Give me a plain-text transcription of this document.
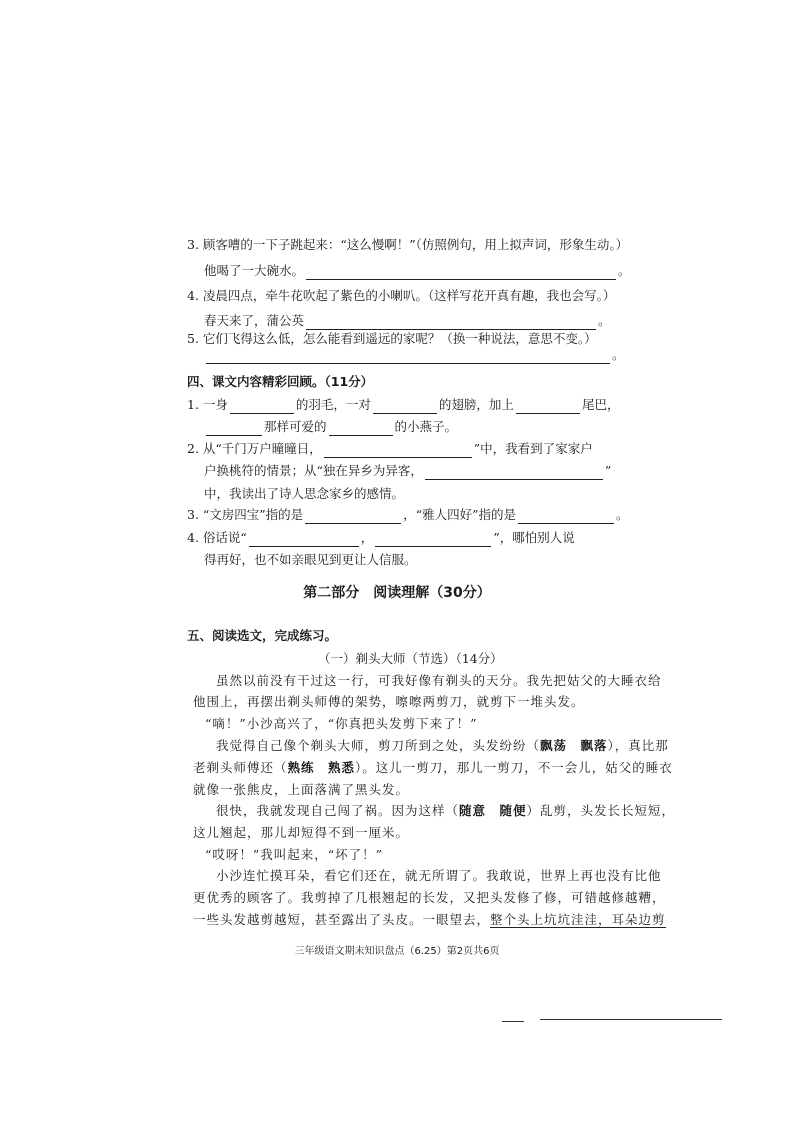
3. 顾客嘈的一下子跳起来：“这么慢啊！”（仿照例句，用上拟声词，形象生动。）
他喝了一大碗水。	。
4. 凌晨四点，牵牛花吹起了紫色的小喇叭。（这样写花开真有趣，我也会写。）
春天来了，蒲公英	。
5. 它们飞得这么低，怎么能看到遥远的家呢？（换一种说法，意思不变。）
。
四、课文内容精彩回顾。（11分）
1. 一身	的羽毛，一对	的翅膀，加上	尾巴，
那样可爱的	的小燕子。
2. 从“千门万户曈曈日，	”中，我看到了家家户
户换桃符的情景；从“独在异乡为异客，	”
中，我读出了诗人思念家乡的感情。
3. “文房四宝”指的是	，“雅人四好”指的是	。
4. 俗话说“	，	”，哪怕别人说
得再好，也不如亲眼见到更让人信服。
第二部分　阅读理解（30分）
五、阅读选文，完成练习。
（一）剃头大师（节选）（14分）
虽然以前没有干过这一行，可我好像有剃头的天分。我先把姑父的大睡衣给
他围上，再摆出剃头师傅的架势，嚓嚓两剪刀，就剪下一堆头发。
“嘀！”小沙高兴了，“你真把头发剪下来了！”
我觉得自己像个剃头大师，剪刀所到之处，头发纷纷（飘荡　飘落），真比那
老剃头师傅还（熟练　熟悉）。这儿一剪刀，那儿一剪刀，不一会儿，姑父的睡衣
就像一张熊皮，上面落满了黑头发。
很快，我就发现自己闯了祸。因为这样（随意　随便）乱剪，头发长长短短，
这儿翘起，那儿却短得不到一厘米。
“哎呀！”我叫起来，“坏了！”
小沙连忙摸耳朵，看它们还在，就无所谓了。我敢说，世界上再也没有比他
更优秀的顾客了。我剪掉了几根翘起的长发，又把头发修了修，可错越修越糟，
一些头发越剪越短，甚至露出了头皮。一眼望去，整个头上坑坑洼洼，耳朵边剪
三年级语文期末知识盘点（6.25）第2页共6页
